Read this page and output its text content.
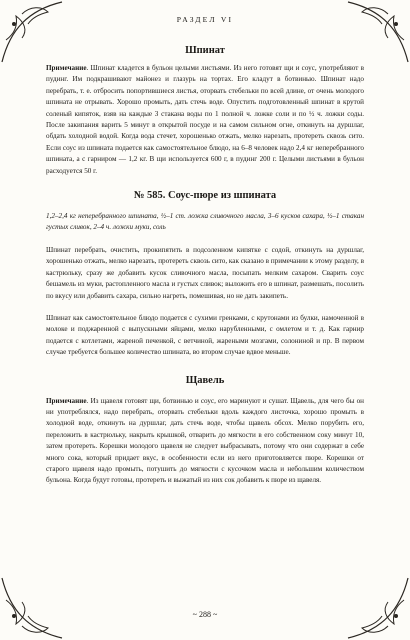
РАЗДЕЛ VI
Шпинат

Примечание. Шпинат кладется в бульон целыми листьями. Из него готовят щи и соус, употребляют в пудинг. Им подкрашивают майонез и глазурь на тортах. Его кладут в ботвинью. Шпинат надо перебрать, т. е. отбросить попортившиеся листья, оторвать стебельки по всей длине, от очень молодого шпината не отрывать. Хорошо промыть, дать стечь воде. Опустить подготовленный шпинат в крутой соленый кипяток, взяв на каждые 3 стакана воды по 1 полной ч. ложке соли и по ½ ч. ложки соды. После закипания варить 5 минут в открытой посуде и на самом сильном огне, откинуть на дуршлаг, обдать холодной водой. Когда вода стечет, хорошенько отжать, мелко нарезать, протереть сквозь сито. Если соус из шпината подается как самостоятельное блюдо, на 6–8 человек надо 2,4 кг неперебранного шпината, а с гарниром — 1,2 кг. В щи используется 600 г, в пудинг 200 г. Целыми листьями в бульон расходуется 50 г.

№ 585. Соус-пюре из шпината

1,2–2,4 кг неперебранного шпината, ½–1 ст. ложка сливочного масла, 3–6 кусков сахара, ½–1 стакан густых сливок, 2–4 ч. ложки муки, соль

Шпинат перебрать, очистить, прокипятить в подсоленном кипятке с содой, откинуть на дуршлаг, хорошенько отжать, мелко нарезать, протереть сквозь сито, как сказано в примечании к этому разделу, в кастрюльку, сразу же добавить кусок сливочного масла, посыпать мелким сахаром. Сварить соус бешамель из муки, растопленного масла и густых сливок; выложить его в шпинат, размешать, посолить по вкусу или добавить сахара, сильно нагреть, помешивая, но не дать закипеть.

Шпинат как самостоятельное блюдо подается с сухими гренками, с крутонами из булки, намоченной в молоке и поджаренной с выпускными яйцами, мелко нарубленными, с омлетом и т. д. Как гарнир подается с котлетами, жареной печенкой, с ветчиной, жареными мозгами, солониной и пр. В первом случае требуется большее количество шпината, во втором случае вдвое меньше.

Щавель

Примечание. Из щавеля готовят щи, ботвинью и соус, его маринуют и сушат. Щавель, для чего бы он ни употреблялся, надо перебрать, оторвать стебельки вдоль каждого листочка, хорошо промыть в холодной воде, откинуть на дуршлаг, дать стечь воде, чтобы щавель обсох. Мелко порубить его, переложить в кастрюльку, накрыть крышкой, отварить до мягкости в его собственном соку минут 10, затем протереть. Корешки молодого щавеля не следует выбрасывать, потому что они содержат в себе много сока, который придает вкус, в особенности если из него приготовляется пюре. Корешки от старого щавеля надо промыть, потушить до мягкости с кусочком масла и небольшим количеством бульона. Когда будут готовы, протереть и выжатый из них сок добавить к пюре из щавеля.

~ 288 ~
